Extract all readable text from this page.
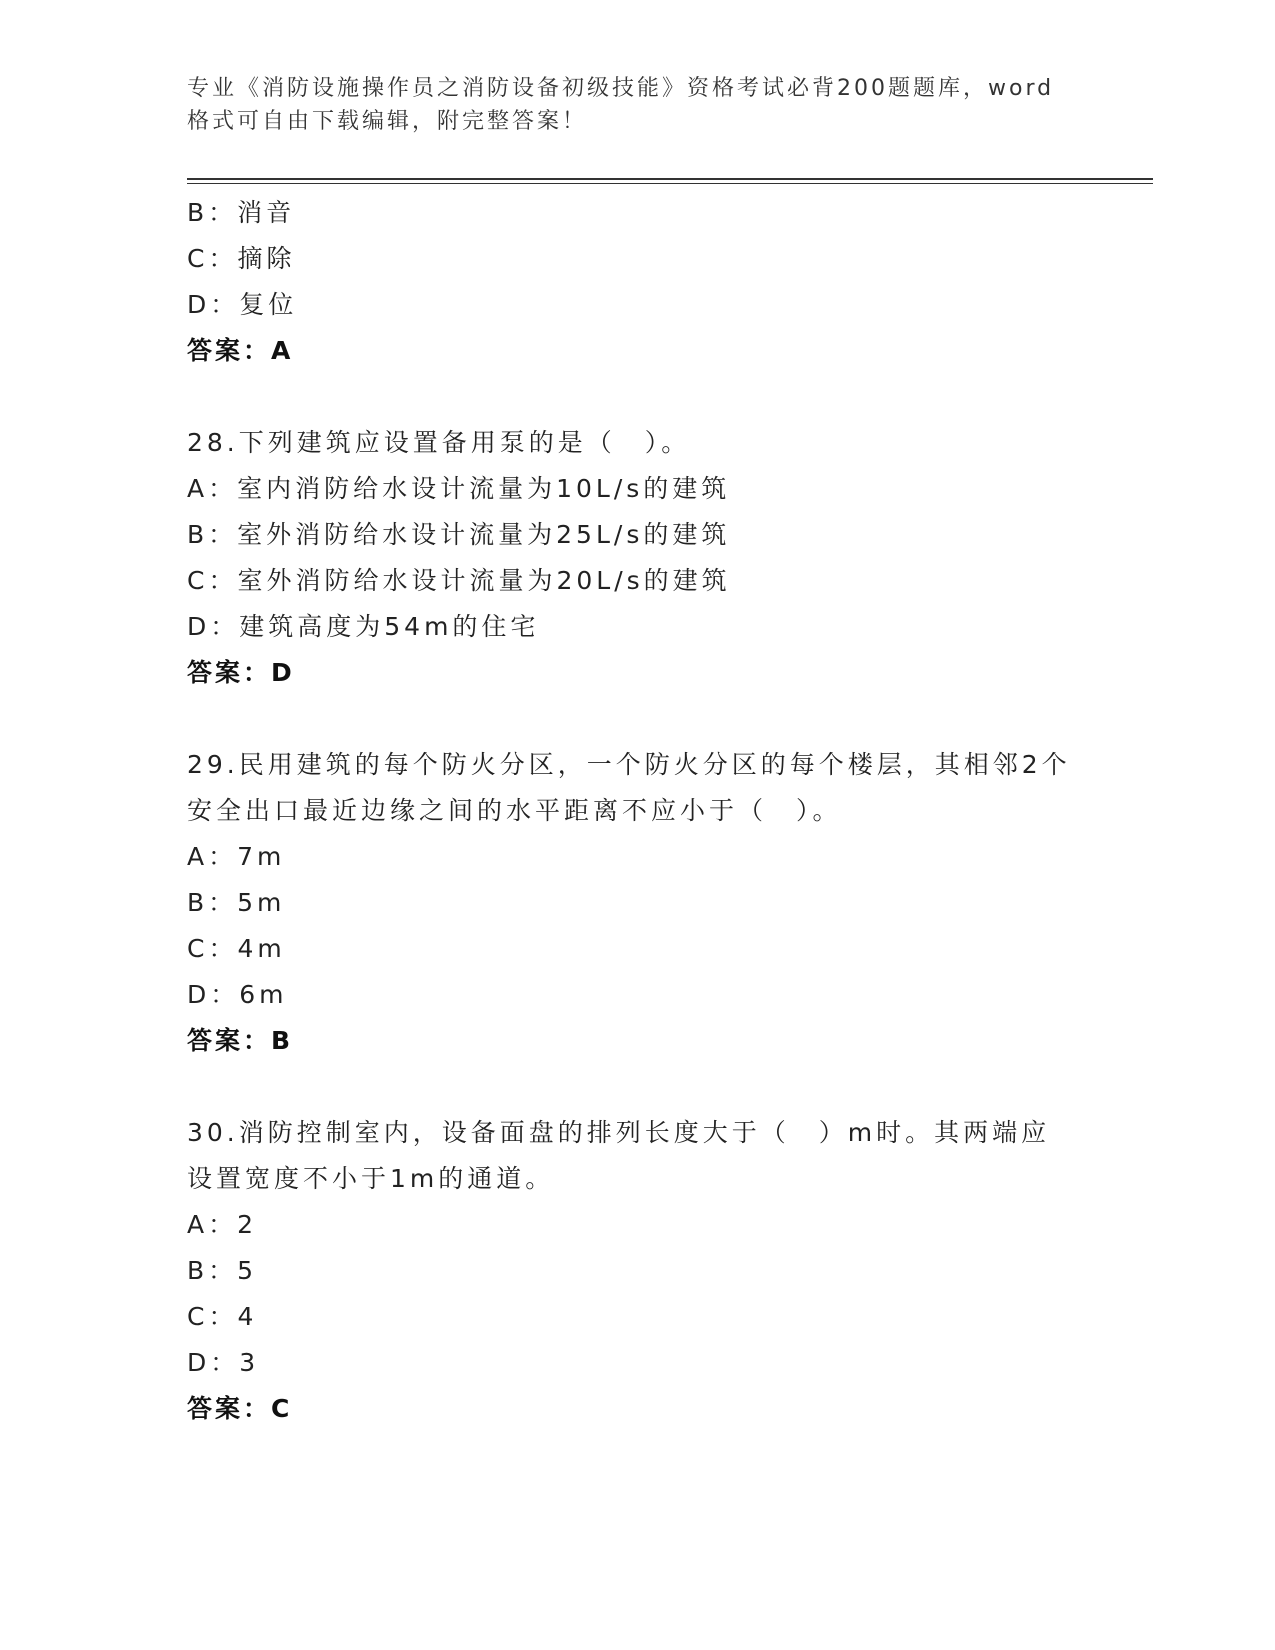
专业《消防设施操作员之消防设备初级技能》资格考试必背200题题库，word格式可自由下载编辑，附完整答案！
B：消音
C：摘除
D：复位
答案：A
28.下列建筑应设置备用泵的是（　）。
A：室内消防给水设计流量为10L/s的建筑
B：室外消防给水设计流量为25L/s的建筑
C：室外消防给水设计流量为20L/s的建筑
D：建筑高度为54m的住宅
答案：D
29.民用建筑的每个防火分区，一个防火分区的每个楼层，其相邻2个安全出口最近边缘之间的水平距离不应小于（　）。
A：7m
B：5m
C：4m
D：6m
答案：B
30.消防控制室内，设备面盘的排列长度大于（　）m时。其两端应设置宽度不小于1m的通道。
A：2
B：5
C：4
D：3
答案：C
